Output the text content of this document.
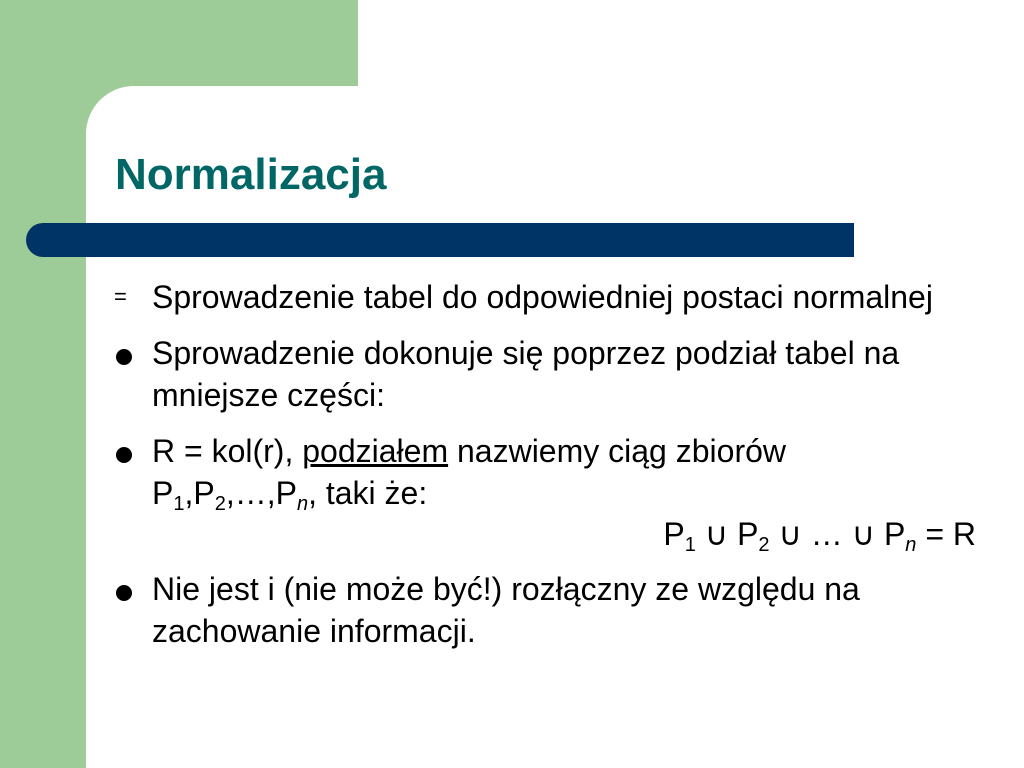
Normalizacja
= Sprowadzenie tabel do odpowiedniej postaci normalnej
Sprowadzenie dokonuje się poprzez podział tabel na mniejsze części:
R = kol(r), podziałem nazwiemy ciąg zbiorów
$P_1,P_2,\dots,P_n$, taki że:
$P_1$ ∪ $P_2$ ∪ … ∪ $P_n = R$
Nie jest i (nie może być!) rozłączny ze względu na zachowanie informacji.
